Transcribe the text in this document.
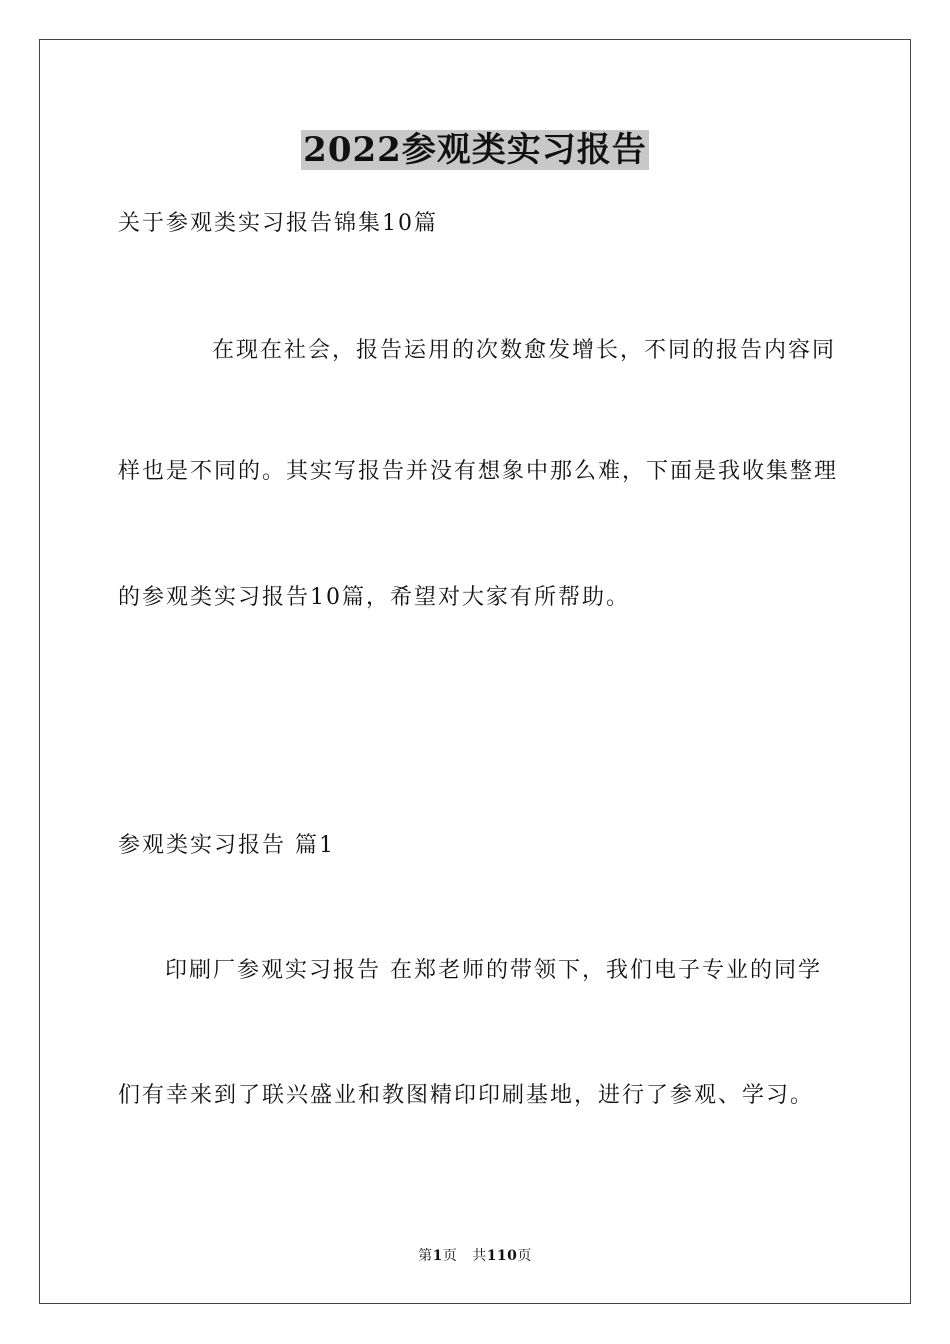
2022参观类实习报告
关于参观类实习报告锦集10篇
在现在社会，报告运用的次数愈发增长，不同的报告内容同
样也是不同的。其实写报告并没有想象中那么难，下面是我收集整理
的参观类实习报告10篇，希望对大家有所帮助。
参观类实习报告 篇1
印刷厂参观实习报告 在郑老师的带领下，我们电子专业的同学
们有幸来到了联兴盛业和教图精印印刷基地，进行了参观、学习。
第1页 共110页
